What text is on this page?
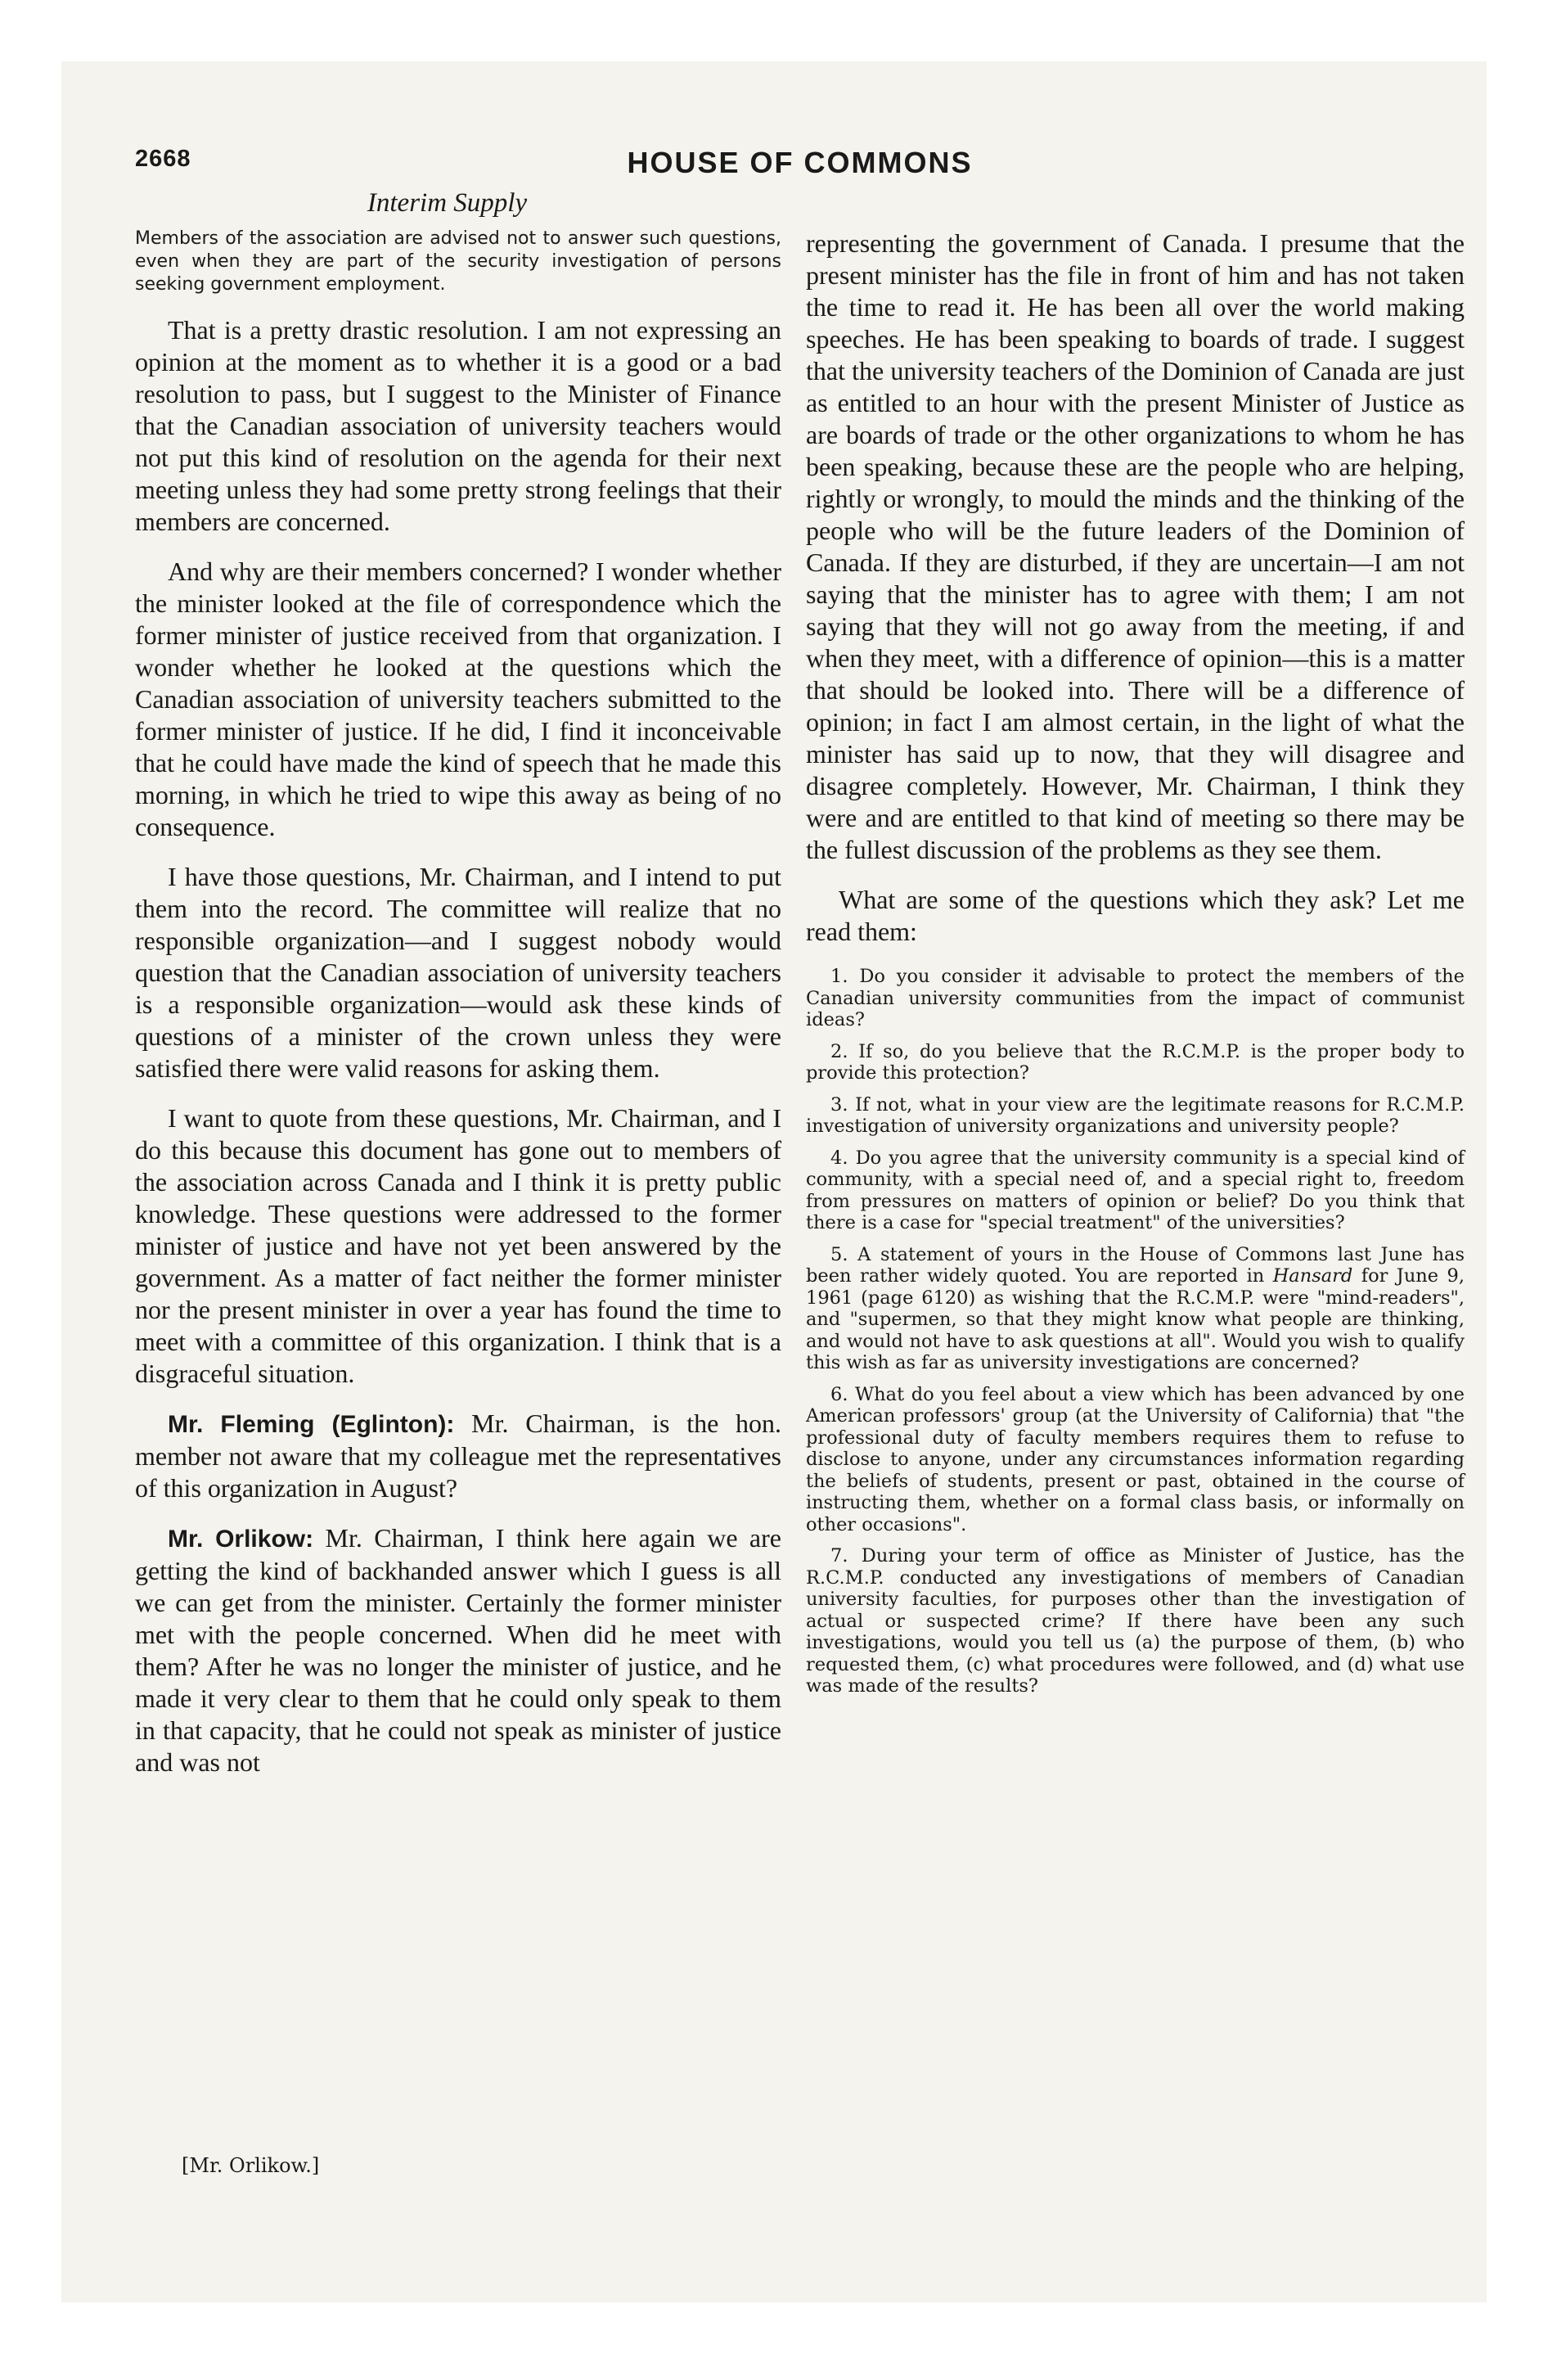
2668	HOUSE OF COMMONS
Interim Supply

Members of the association are advised not to answer such questions, even when they are part of the security investigation of persons seeking government employment.

That is a pretty drastic resolution. I am not expressing an opinion at the moment as to whether it is a good or a bad resolution to pass, but I suggest to the Minister of Finance that the Canadian association of university teachers would not put this kind of resolution on the agenda for their next meeting unless they had some pretty strong feelings that their members are concerned.

And why are their members concerned? I wonder whether the minister looked at the file of correspondence which the former minister of justice received from that organization. I wonder whether he looked at the questions which the Canadian association of university teachers submitted to the former minister of justice. If he did, I find it inconceivable that he could have made the kind of speech that he made this morning, in which he tried to wipe this away as being of no consequence.

I have those questions, Mr. Chairman, and I intend to put them into the record. The committee will realize that no responsible organization—and I suggest nobody would question that the Canadian association of university teachers is a responsible organization—would ask these kinds of questions of a minister of the crown unless they were satisfied there were valid reasons for asking them.

I want to quote from these questions, Mr. Chairman, and I do this because this document has gone out to members of the association across Canada and I think it is pretty public knowledge. These questions were addressed to the former minister of justice and have not yet been answered by the government. As a matter of fact neither the former minister nor the present minister in over a year has found the time to meet with a committee of this organization. I think that is a disgraceful situation.

Mr. Fleming (Eglinton): Mr. Chairman, is the hon. member not aware that my colleague met the representatives of this organization in August?

Mr. Orlikow: Mr. Chairman, I think here again we are getting the kind of backhanded answer which I guess is all we can get from the minister. Certainly the former minister met with the people concerned. When did he meet with them? After he was no longer the minister of justice, and he made it very clear to them that he could only speak to them in that capacity, that he could not speak as minister of justice and was not

representing the government of Canada. I presume that the present minister has the file in front of him and has not taken the time to read it. He has been all over the world making speeches. He has been speaking to boards of trade. I suggest that the university teachers of the Dominion of Canada are just as entitled to an hour with the present Minister of Justice as are boards of trade or the other organizations to whom he has been speaking, because these are the people who are helping, rightly or wrongly, to mould the minds and the thinking of the people who will be the future leaders of the Dominion of Canada. If they are disturbed, if they are uncertain—I am not saying that the minister has to agree with them; I am not saying that they will not go away from the meeting, if and when they meet, with a difference of opinion—this is a matter that should be looked into. There will be a difference of opinion; in fact I am almost certain, in the light of what the minister has said up to now, that they will disagree and disagree completely. However, Mr. Chairman, I think they were and are entitled to that kind of meeting so there may be the fullest discussion of the problems as they see them.

What are some of the questions which they ask? Let me read them:

1. Do you consider it advisable to protect the members of the Canadian university communities from the impact of communist ideas?

2. If so, do you believe that the R.C.M.P. is the proper body to provide this protection?

3. If not, what in your view are the legitimate reasons for R.C.M.P. investigation of university organizations and university people?

4. Do you agree that the university community is a special kind of community, with a special need of, and a special right to, freedom from pressures on matters of opinion or belief? Do you think that there is a case for "special treatment" of the universities?

5. A statement of yours in the House of Commons last June has been rather widely quoted. You are reported in Hansard for June 9, 1961 (page 6120) as wishing that the R.C.M.P. were "mind-readers", and "supermen, so that they might know what people are thinking, and would not have to ask questions at all". Would you wish to qualify this wish as far as university investigations are concerned?

6. What do you feel about a view which has been advanced by one American professors' group (at the University of California) that "the professional duty of faculty members requires them to refuse to disclose to anyone, under any circumstances information regarding the beliefs of students, present or past, obtained in the course of instructing them, whether on a formal class basis, or informally on other occasions".

7. During your term of office as Minister of Justice, has the R.C.M.P. conducted any investigations of members of Canadian university faculties, for purposes other than the investigation of actual or suspected crime? If there have been any such investigations, would you tell us (a) the purpose of them, (b) who requested them, (c) what procedures were followed, and (d) what use was made of the results?

[Mr. Orlikow.]
